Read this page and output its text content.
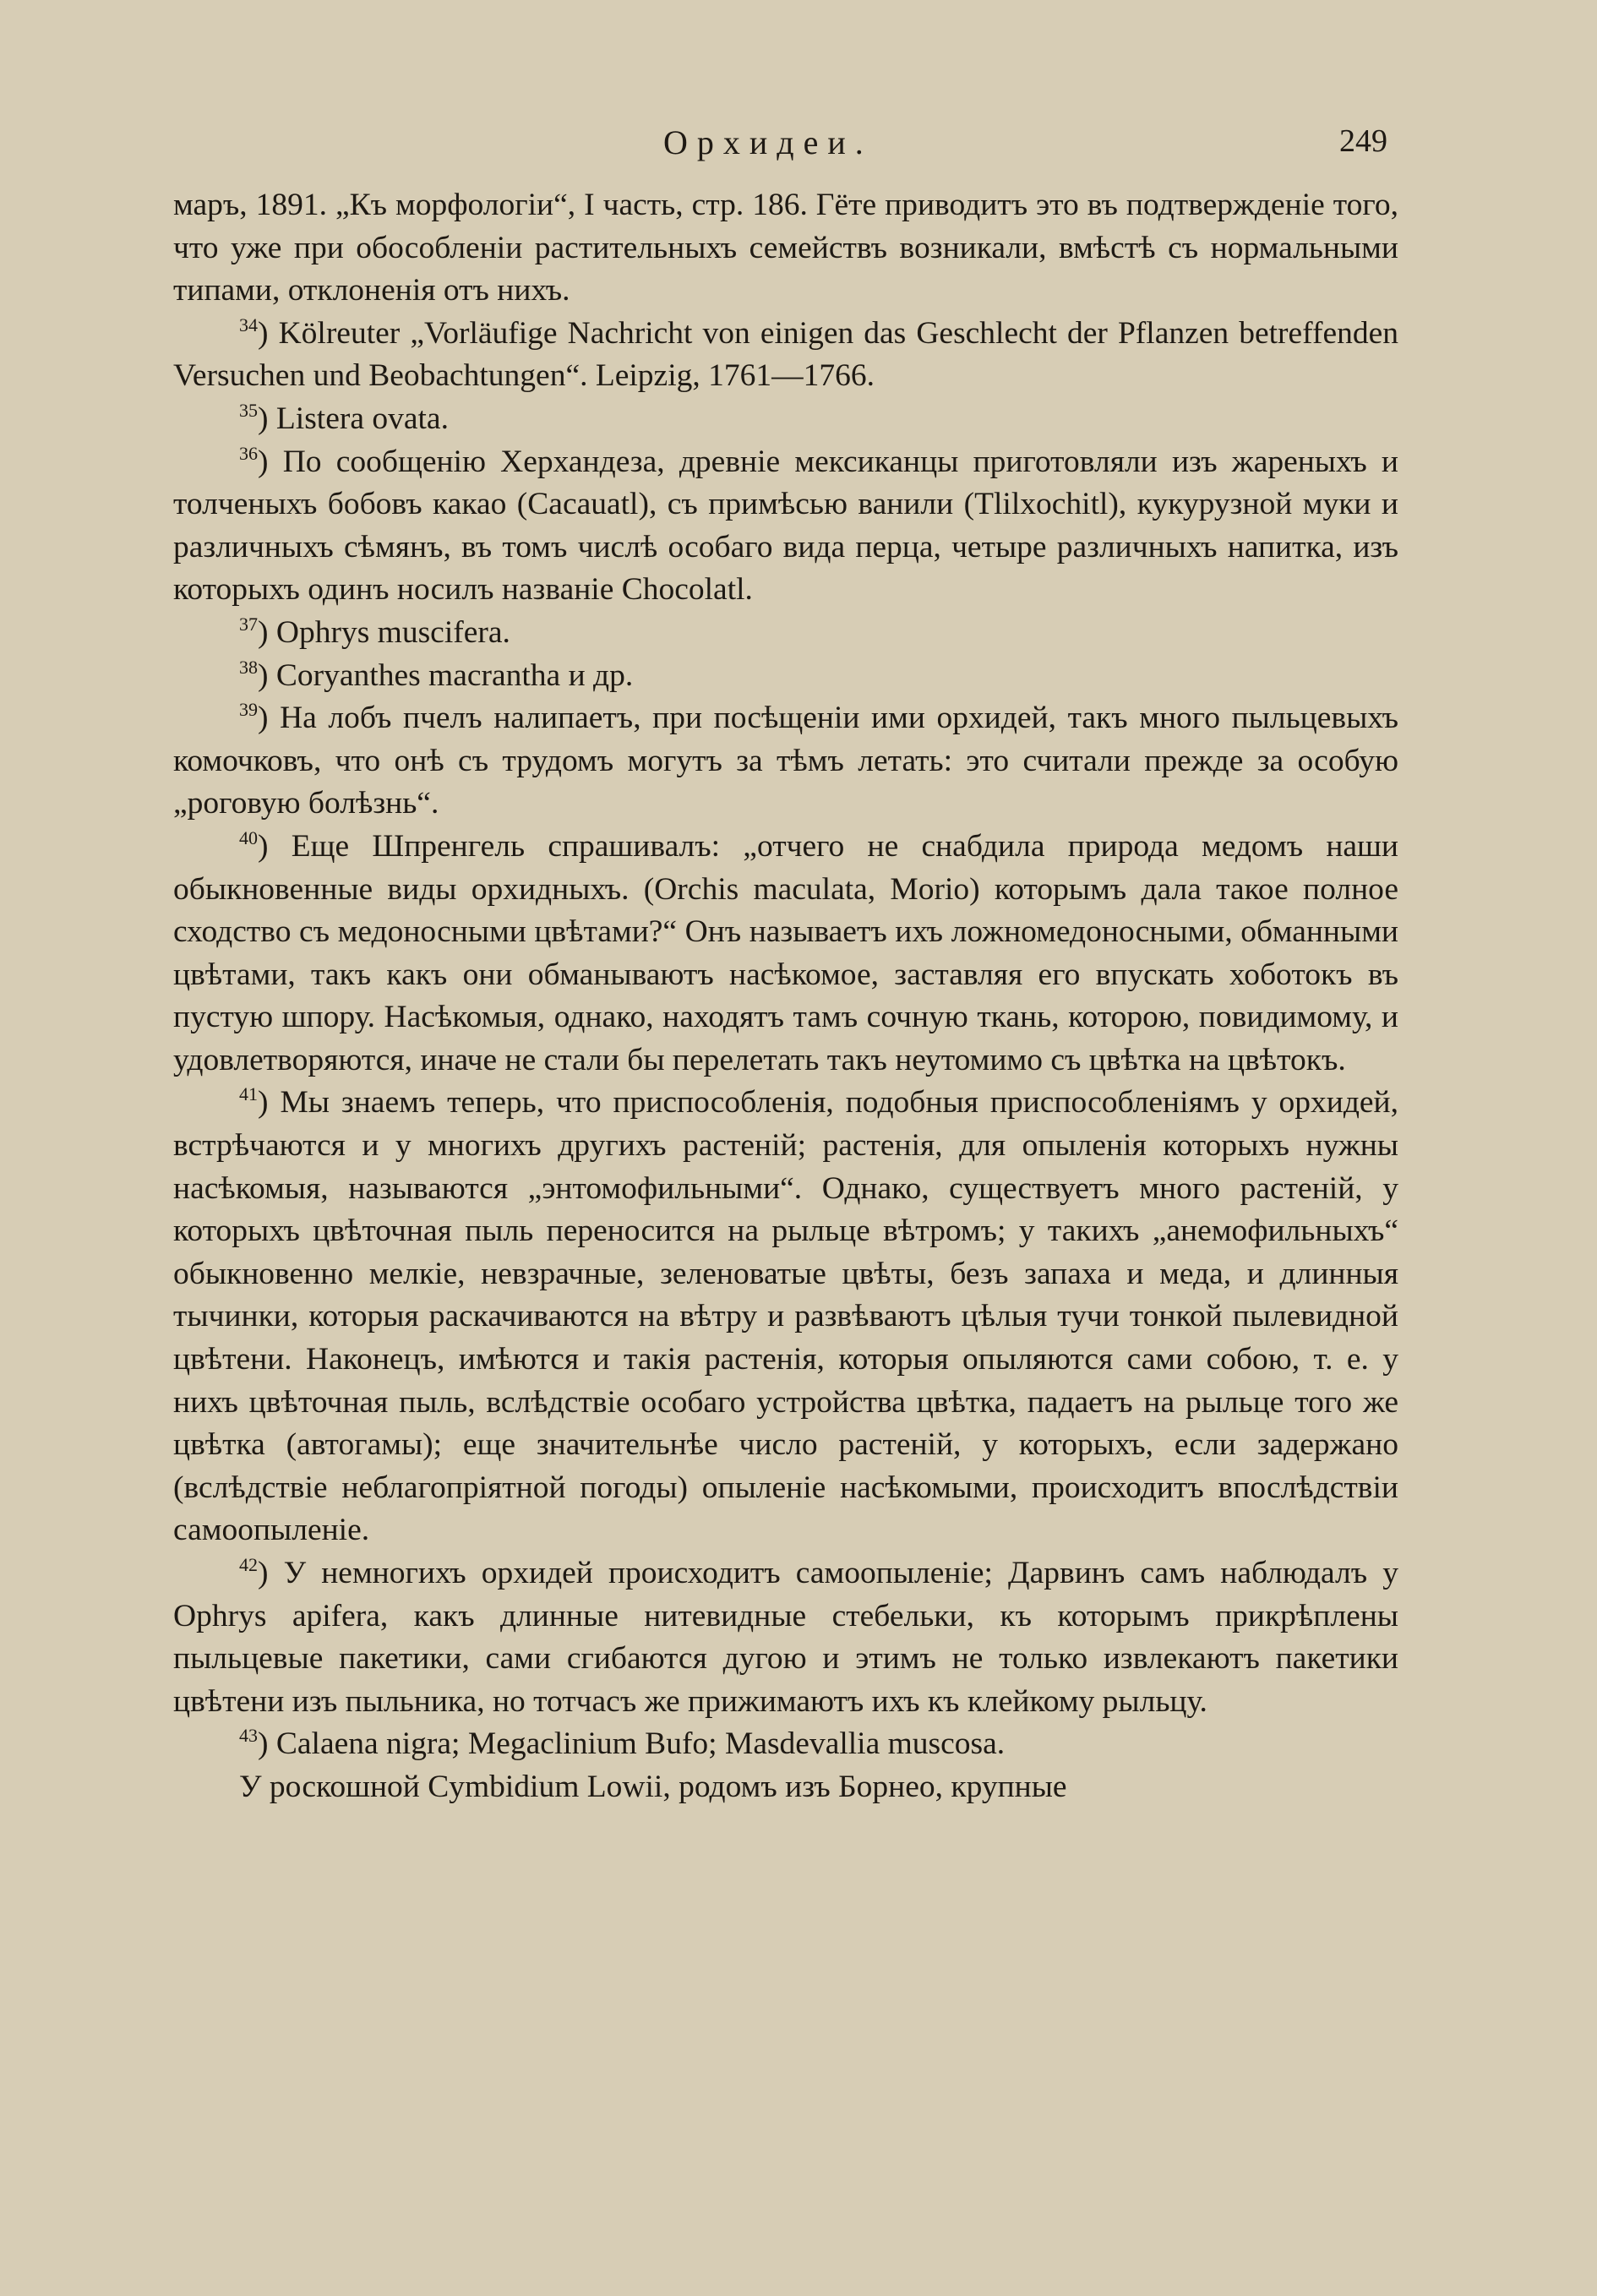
Орхидеи.	249

маръ, 1891. „Къ морфологіи“, I часть, стр. 186. Гёте приводитъ это въ подтвержденіе того, что уже при обособленіи растительныхъ семействъ возникали, вмѣстѣ съ нормальными типами, отклоненія отъ нихъ.

$^{34}$) Kölreuter „Vorläufige Nachricht von einigen das Geschlecht der Pflanzen betreffenden Versuchen und Beobachtungen“. Leipzig, 1761—1766.

$^{35}$) Listera ovata.

$^{36}$) По сообщенію Херхандеза, древніе мексиканцы приготовляли изъ жареныхъ и толченыхъ бобовъ какао (Cacauatl), съ примѣсью ванили (Tlilxochitl), кукурузной муки и различныхъ сѣмянъ, въ томъ числѣ особаго вида перца, четыре различныхъ напитка, изъ которыхъ одинъ носилъ названіе Chocolatl.

$^{37}$) Ophrys muscifera.

$^{38}$) Coryanthes macrantha и др.

$^{39}$) На лобъ пчелъ налипаетъ, при посѣщеніи ими орхидей, такъ много пыльцевыхъ комочковъ, что онѣ съ трудомъ могутъ за тѣмъ летать: это считали прежде за особую „роговую болѣзнь“.

$^{40}$) Еще Шпренгель спрашивалъ: „отчего не снабдила природа медомъ наши обыкновенные виды орхидныхъ. (Orchis maculata, Morio) которымъ дала такое полное сходство съ медоносными цвѣтами?“ Онъ называетъ ихъ ложномедоносными, обманными цвѣтами, такъ какъ они обманываютъ насѣкомое, заставляя его впускать хоботокъ въ пустую шпору. Насѣкомыя, однако, находятъ тамъ сочную ткань, которою, повидимому, и удовлетворяются, иначе не стали бы перелетать такъ неутомимо съ цвѣтка на цвѣтокъ.

$^{41}$) Мы знаемъ теперь, что приспособленія, подобныя приспособленіямъ у орхидей, встрѣчаются и у многихъ другихъ растеній; растенія, для опыленія которыхъ нужны насѣкомыя, называются „энтомофильными“. Однако, существуетъ много растеній, у которыхъ цвѣточная пыль переносится на рыльце вѣтромъ; у такихъ „анемофильныхъ“ обыкновенно мелкіе, невзрачные, зеленоватые цвѣты, безъ запаха и меда, и длинныя тычинки, которыя раскачиваются на вѣтру и развѣваютъ цѣлыя тучи тонкой пылевидной цвѣтени. Наконецъ, имѣются и такія растенія, которыя опыляются сами собою, т. е. у нихъ цвѣточная пыль, вслѣдствіе особаго устройства цвѣтка, падаетъ на рыльце того же цвѣтка (автогамы); еще значительнѣе число растеній, у которыхъ, если задержано (вслѣдствіе неблагопріятной погоды) опыленіе насѣкомыми, происходитъ впослѣдствіи самоопыленіе.

$^{42}$) У немногихъ орхидей происходитъ самоопыленіе; Дарвинъ самъ наблюдалъ у Ophrys apifera, какъ длинные нитевидные стебельки, къ которымъ прикрѣплены пыльцевые пакетики, сами сгибаются дугою и этимъ не только извлекаютъ пакетики цвѣтени изъ пыльника, но тотчасъ же прижимаютъ ихъ къ клейкому рыльцу.

$^{43}$) Calaena nigra; Megaclinium Bufo; Masdevallia muscosa.

У роскошной Cymbidium Lowii, родомъ изъ Борнео, крупные
